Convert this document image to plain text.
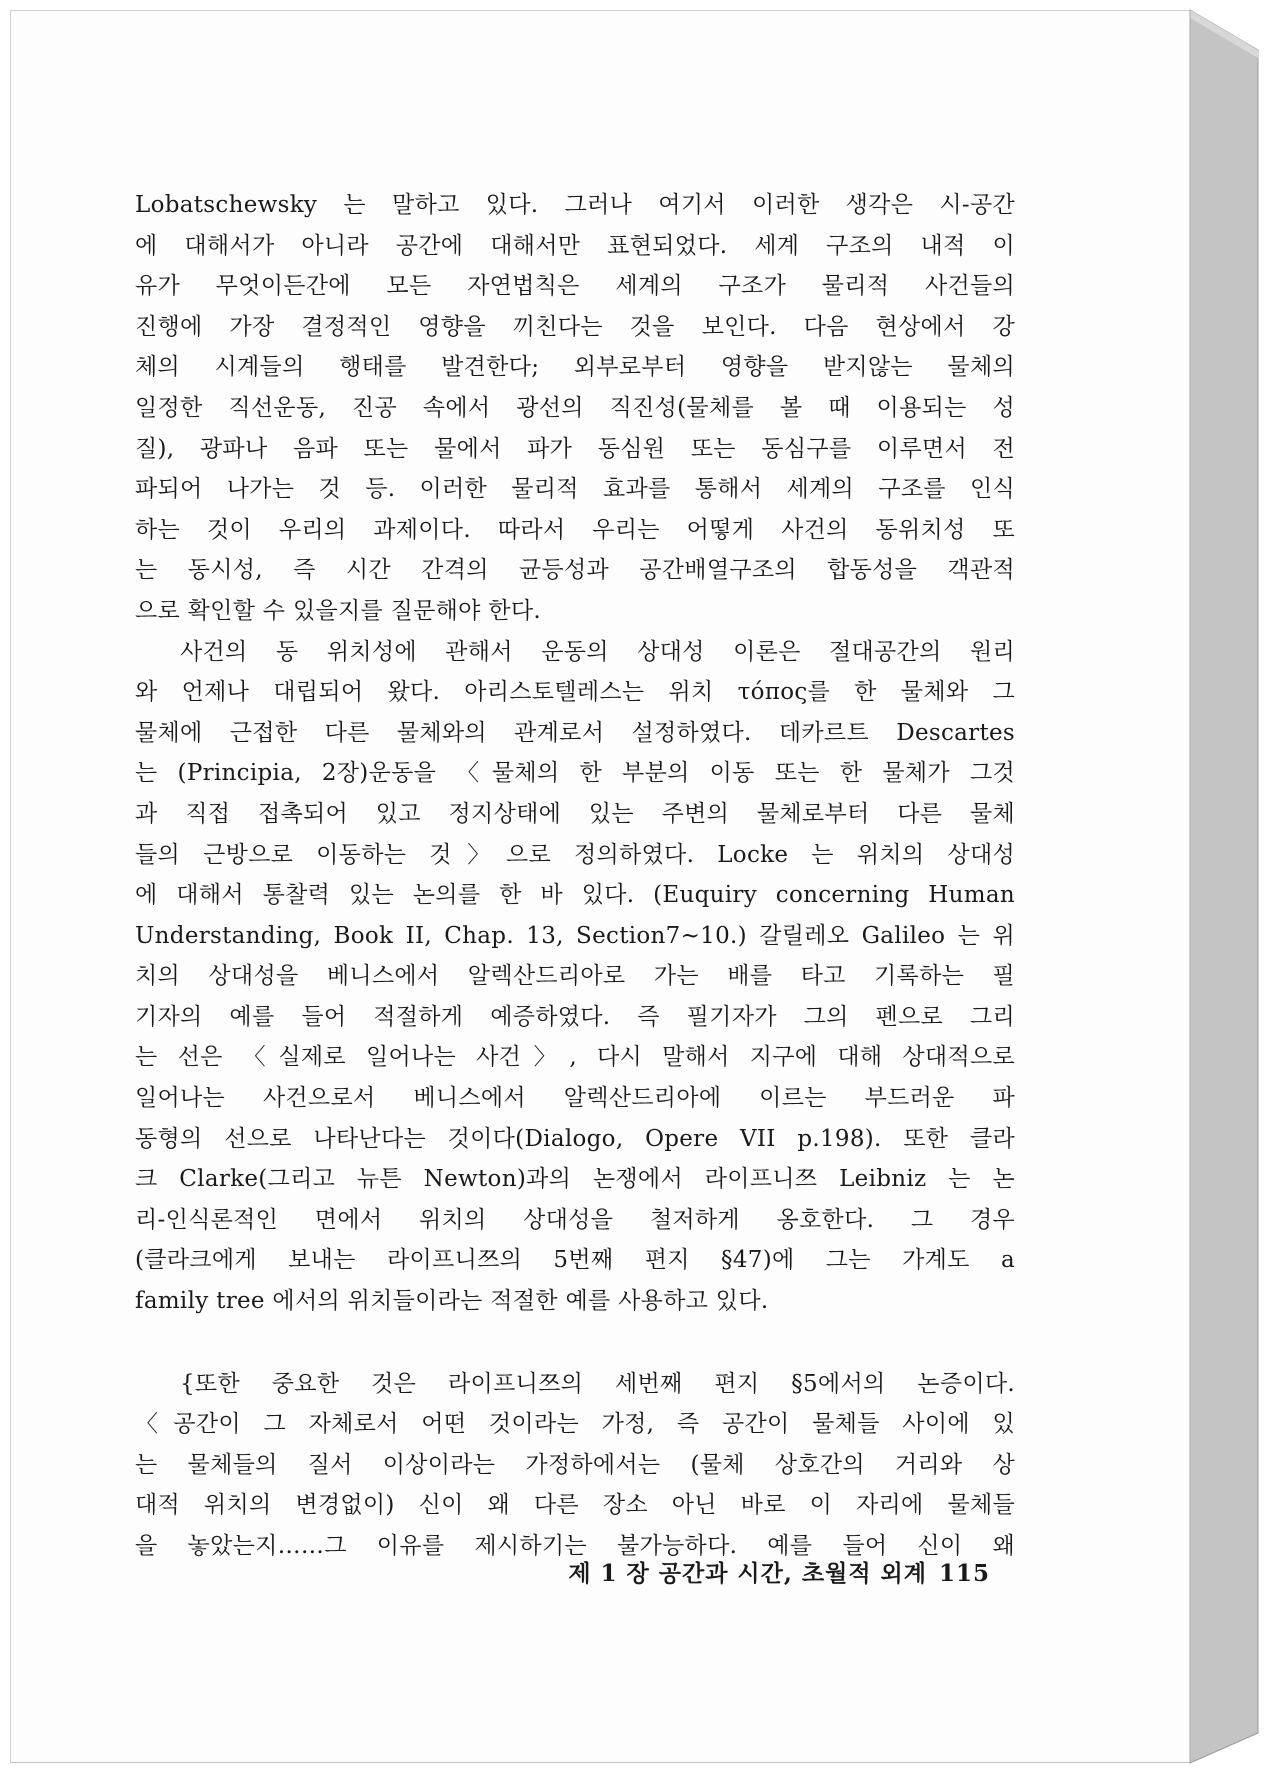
Lobatschewsky 는 말하고 있다. 그러나 여기서 이러한 생각은 시-공간
에 대해서가 아니라 공간에 대해서만 표현되었다. 세계 구조의 내적 이
유가 무엇이든간에 모든 자연법칙은 세계의 구조가 물리적 사건들의
진행에 가장 결정적인 영향을 끼친다는 것을 보인다. 다음 현상에서 강
체의 시계들의 행태를 발견한다; 외부로부터 영향을 받지않는 물체의
일정한 직선운동, 진공 속에서 광선의 직진성(물체를 볼 때 이용되는 성
질), 광파나 음파 또는 물에서 파가 동심원 또는 동심구를 이루면서 전
파되어 나가는 것 등. 이러한 물리적 효과를 통해서 세계의 구조를 인식
하는 것이 우리의 과제이다. 따라서 우리는 어떻게 사건의 동위치성 또
는 동시성, 즉 시간 간격의 균등성과 공간배열구조의 합동성을 객관적
으로 확인할 수 있을지를 질문해야 한다.
사건의 동 위치성에 관해서 운동의 상대성 이론은 절대공간의 원리
와 언제나 대립되어 왔다. 아리스토텔레스는 위치 τόπος를 한 물체와 그
물체에 근접한 다른 물체와의 관계로서 설정하였다. 데카르트 Descartes
는 (Principia, 2장)운동을 〈물체의 한 부분의 이동 또는 한 물체가 그것
과 직접 접촉되어 있고 정지상태에 있는 주변의 물체로부터 다른 물체
들의 근방으로 이동하는 것〉으로 정의하였다. Locke 는 위치의 상대성
에 대해서 통찰력 있는 논의를 한 바 있다. (Euquiry concerning Human
Understanding, Book II, Chap. 13, Section7~10.) 갈릴레오 Galileo 는 위
치의 상대성을 베니스에서 알렉산드리아로 가는 배를 타고 기록하는 필
기자의 예를 들어 적절하게 예증하였다. 즉 필기자가 그의 펜으로 그리
는 선은 〈실제로 일어나는 사건〉, 다시 말해서 지구에 대해 상대적으로
일어나는 사건으로서 베니스에서 알렉산드리아에 이르는 부드러운 파
동형의 선으로 나타난다는 것이다(Dialogo, Opere VII p.198). 또한 클라
크 Clarke(그리고 뉴튼 Newton)과의 논쟁에서 라이프니쯔 Leibniz 는 논
리-인식론적인 면에서 위치의 상대성을 철저하게 옹호한다. 그 경우
(클라크에게 보내는 라이프니쯔의 5번째 편지 §47)에 그는 가계도 a
family tree 에서의 위치들이라는 적절한 예를 사용하고 있다.
{또한 중요한 것은 라이프니쯔의 세번째 편지 §5에서의 논증이다.
〈공간이 그 자체로서 어떤 것이라는 가정, 즉 공간이 물체들 사이에 있
는 물체들의 질서 이상이라는 가정하에서는 (물체 상호간의 거리와 상
대적 위치의 변경없이) 신이 왜 다른 장소 아닌 바로 이 자리에 물체들
을 놓았는지……그 이유를 제시하기는 불가능하다. 예를 들어 신이 왜
제 1 장 공간과 시간, 초월적 외계 115
